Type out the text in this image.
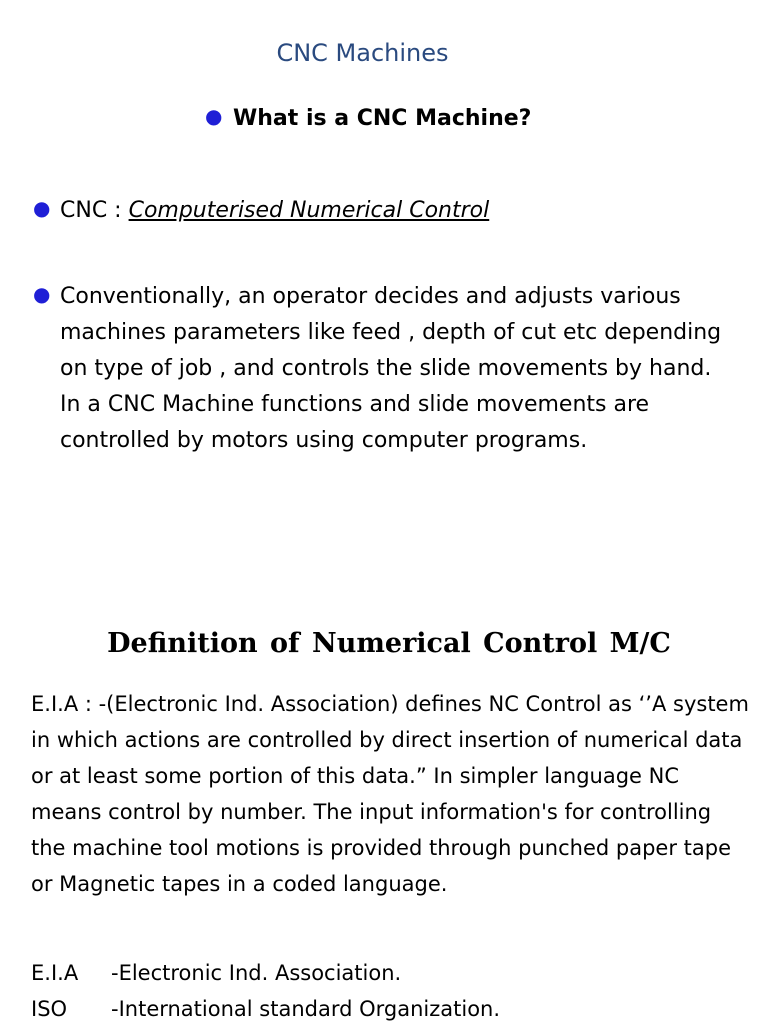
CNC Machines
● What is a CNC Machine?
● CNC : Computerised Numerical Control
● Conventionally, an operator decides and adjusts various machines parameters like feed , depth of cut etc depending on type of job , and controls the slide movements by hand. In a CNC Machine functions and slide movements are controlled by motors using computer programs.
Definition of Numerical Control M/C
E.I.A : -(Electronic Ind. Association) defines NC Control as ‘’A system in which actions are controlled by direct insertion of numerical data or at least some portion of this data.” In simpler language NC means control by number. The input information's for controlling the machine tool motions is provided through punched paper tape or Magnetic tapes in a coded language.
E.I.A	-Electronic Ind. Association.
ISO	-International standard Organization.
